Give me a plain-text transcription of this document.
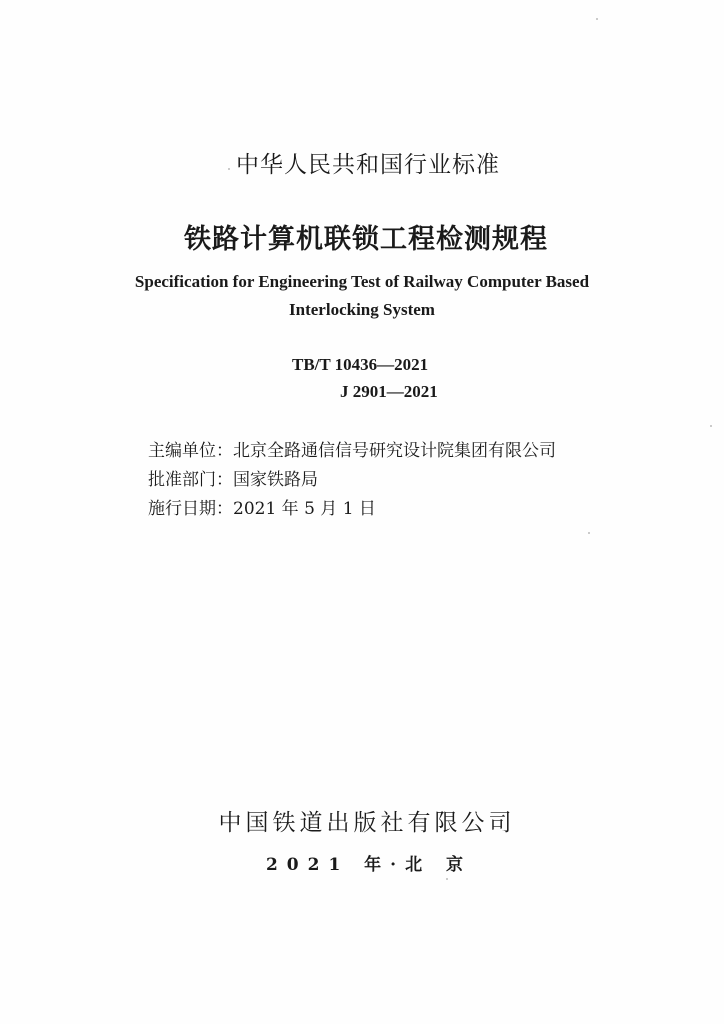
中华人民共和国行业标准
铁路计算机联锁工程检测规程
Specification for Engineering Test of Railway Computer Based
Interlocking System
TB/T 10436—2021
J 2901—2021
主编单位：北京全路通信信号研究设计院集团有限公司
批准部门：国家铁路局
施行日期：2021 年 5 月 1 日
中国铁道出版社有限公司
2021 年·北 京
